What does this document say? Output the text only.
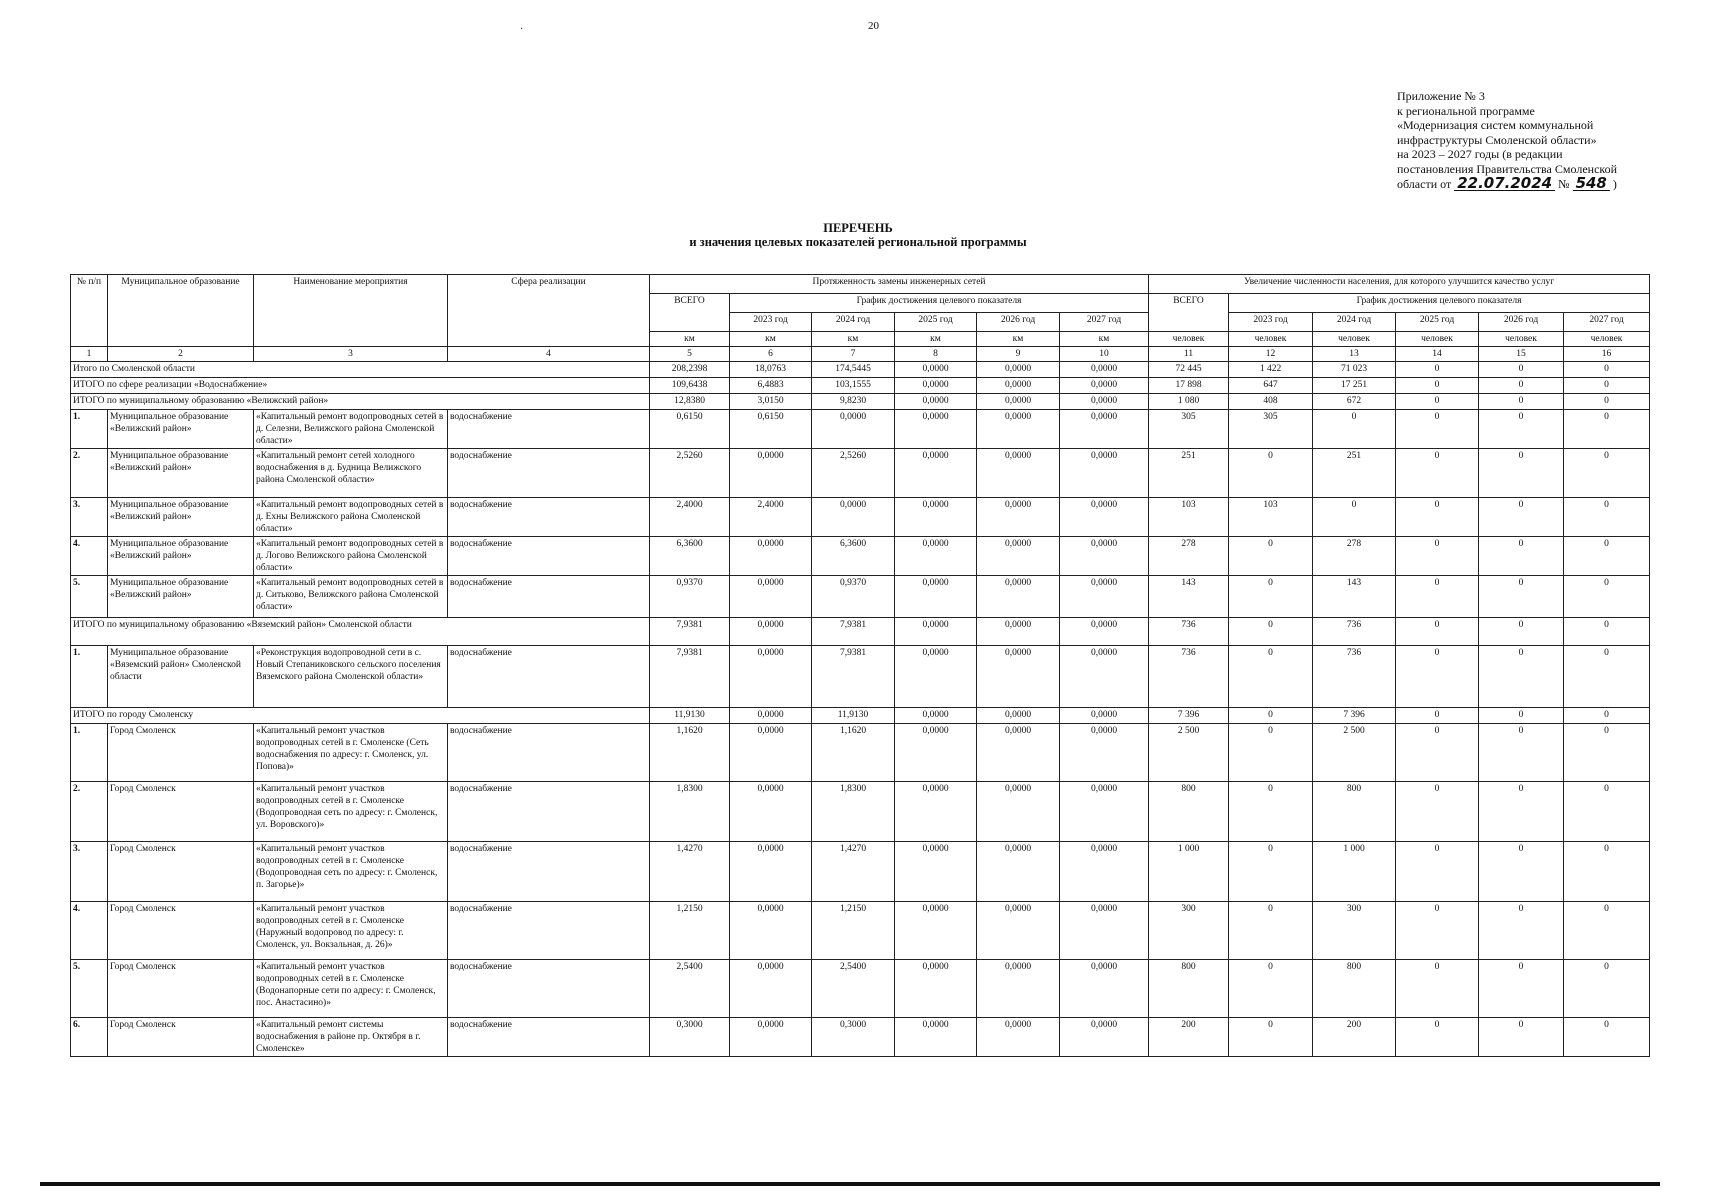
20
·
Приложение № 3
к региональной программе
«Модернизация систем коммунальной
инфраструктуры Смоленской области»
на 2023 – 2027 годы (в редакции
постановления Правительства Смоленской
области от 22.07.2024 № 548 )
ПЕРЕЧЕНЬ
и значения целевых показателей региональной программы
№ п/п	Муниципальное образование	Наименование мероприятия	Сфера реализации	Протяженность замены инженерных сетей						Увеличение численности населения, для которого улучшится качество услуг					
				ВСЕГО	График достижения целевого показателя					ВСЕГО	График достижения целевого показателя				
					2023 год	2024 год	2025 год	2026 год	2027 год		2023 год	2024 год	2025 год	2026 год	2027 год
				км	км	км	км	км	км	человек	человек	человек	человек	человек	человек
1	2	3	4	5	6	7	8	9	10	11	12	13	14	15	16
Итого по Смоленской области				208,2398	18,0763	174,5445	0,0000	0,0000	0,0000	72 445	1 422	71 023	0	0	0
ИТОГО по сфере реализации «Водоснабжение»				109,6438	6,4883	103,1555	0,0000	0,0000	0,0000	17 898	647	17 251	0	0	0
ИТОГО по муниципальному образованию «Велижский район»				12,8380	3,0150	9,8230	0,0000	0,0000	0,0000	1 080	408	672	0	0	0
1.	Муниципальное образование «Велижский район»	«Капитальный ремонт водопроводных сетей в д. Селезни, Велижского района Смоленской области»	водоснабжение	0,6150	0,6150	0,0000	0,0000	0,0000	0,0000	305	305	0	0	0	0
2.	Муниципальное образование «Велижский район»	«Капитальный ремонт сетей холодного водоснабжения в д. Будница Велижского района Смоленской области»	водоснабжение	2,5260	0,0000	2,5260	0,0000	0,0000	0,0000	251	0	251	0	0	0
3.	Муниципальное образование «Велижский район»	«Капитальный ремонт водопроводных сетей в д. Ехны Велижского района Смоленской области»	водоснабжение	2,4000	2,4000	0,0000	0,0000	0,0000	0,0000	103	103	0	0	0	0
4.	Муниципальное образование «Велижский район»	«Капитальный ремонт водопроводных сетей в д. Логово Велижского района Смоленской области»	водоснабжение	6,3600	0,0000	6,3600	0,0000	0,0000	0,0000	278	0	278	0	0	0
5.	Муниципальное образование «Велижский район»	«Капитальный ремонт водопроводных сетей в д. Ситьково, Велижского района Смоленской области»	водоснабжение	0,9370	0,0000	0,9370	0,0000	0,0000	0,0000	143	0	143	0	0	0
ИТОГО по муниципальному образованию «Вяземский район» Смоленской области				7,9381	0,0000	7,9381	0,0000	0,0000	0,0000	736	0	736	0	0	0
1.	Муниципальное образование «Вяземский район» Смоленской области	«Реконструкция водопроводной сети в с. Новый Степаниковского сельского поселения Вяземского района Смоленской области»	водоснабжение	7,9381	0,0000	7,9381	0,0000	0,0000	0,0000	736	0	736	0	0	0
ИТОГО по городу Смоленску				11,9130	0,0000	11,9130	0,0000	0,0000	0,0000	7 396	0	7 396	0	0	0
1.	Город Смоленск	«Капитальный ремонт участков водопроводных сетей в г. Смоленске (Сеть водоснабжения по адресу: г. Смоленск, ул. Попова)»	водоснабжение	1,1620	0,0000	1,1620	0,0000	0,0000	0,0000	2 500	0	2 500	0	0	0
2.	Город Смоленск	«Капитальный ремонт участков водопроводных сетей в г. Смоленске (Водопроводная сеть по адресу: г. Смоленск, ул. Воровского)»	водоснабжение	1,8300	0,0000	1,8300	0,0000	0,0000	0,0000	800	0	800	0	0	0
3.	Город Смоленск	«Капитальный ремонт участков водопроводных сетей в г. Смоленске (Водопроводная сеть по адресу: г. Смоленск, п. Загорье)»	водоснабжение	1,4270	0,0000	1,4270	0,0000	0,0000	0,0000	1 000	0	1 000	0	0	0
4.	Город Смоленск	«Капитальный ремонт участков водопроводных сетей в г. Смоленске (Наружный водопровод по адресу: г. Смоленск, ул. Вокзальная, д. 26)»	водоснабжение	1,2150	0,0000	1,2150	0,0000	0,0000	0,0000	300	0	300	0	0	0
5.	Город Смоленск	«Капитальный ремонт участков водопроводных сетей в г. Смоленске (Водонапорные сети по адресу: г. Смоленск, пос. Анастасино)»	водоснабжение	2,5400	0,0000	2,5400	0,0000	0,0000	0,0000	800	0	800	0	0	0
6.	Город Смоленск	«Капитальный ремонт системы водоснабжения в районе пр. Октября в г. Смоленске»	водоснабжение	0,3000	0,0000	0,3000	0,0000	0,0000	0,0000	200	0	200	0	0	0
